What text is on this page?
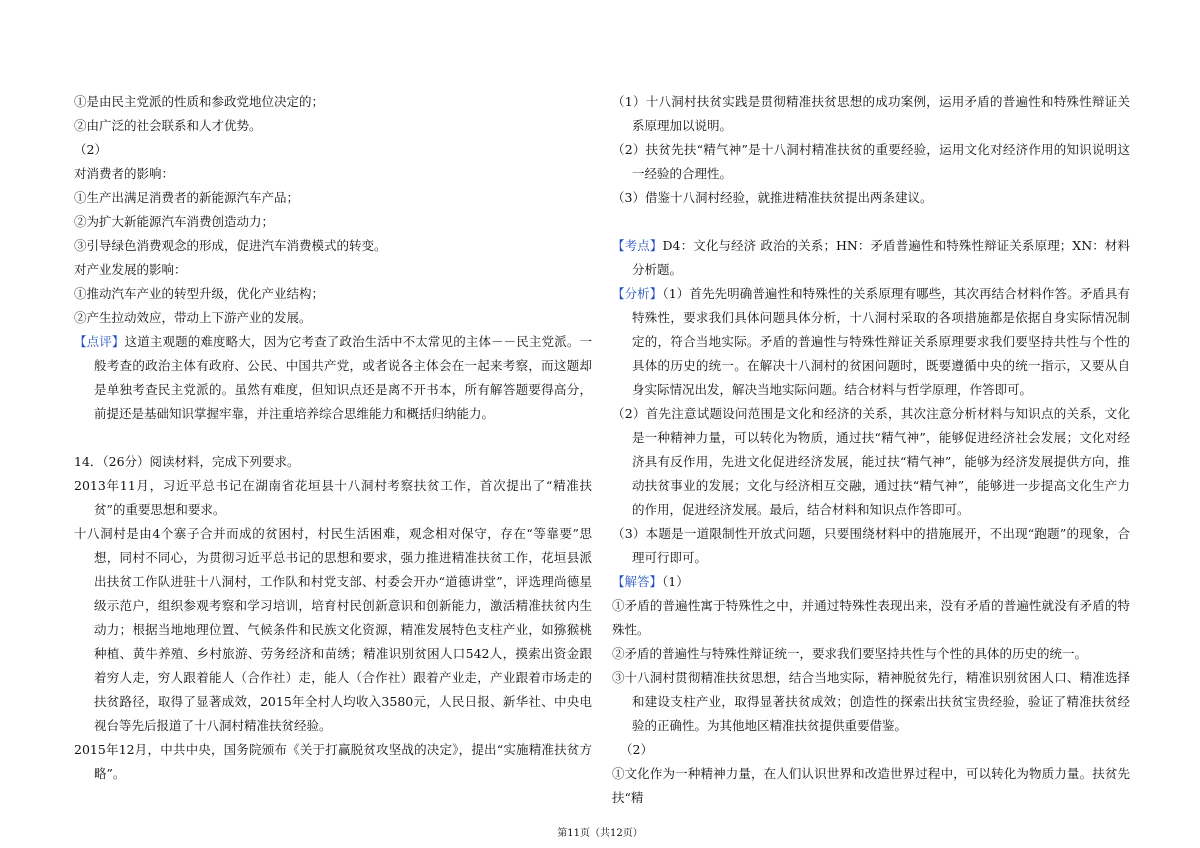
①是由民主党派的性质和参政党地位决定的；

②由广泛的社会联系和人才优势。

（2）

对消费者的影响：

①生产出满足消费者的新能源汽车产品；

②为扩大新能源汽车消费创造动力；

③引导绿色消费观念的形成，促进汽车消费模式的转变。

对产业发展的影响：

①推动汽车产业的转型升级，优化产业结构；

②产生拉动效应，带动上下游产业的发展。

【点评】这道主观题的难度略大，因为它考查了政治生活中不太常见的主体－－民主党派。一般考查的政治主体有政府、公民、中国共产党，或者说各主体会在一起来考察，而这题却是单独考查民主党派的。虽然有难度，但知识点还是离不开书本，所有解答题要得高分，前提还是基础知识掌握牢靠，并注重培养综合思维能力和概括归纳能力。

14．（26分）阅读材料，完成下列要求。

2013年11月，习近平总书记在湖南省花垣县十八洞村考察扶贫工作，首次提出了“精准扶贫”的重要思想和要求。

十八洞村是由4个寨子合并而成的贫困村，村民生活困难，观念相对保守，存在“等靠要”思想，同村不同心，为贯彻习近平总书记的思想和要求，强力推进精准扶贫工作，花垣县派出扶贫工作队进驻十八洞村，工作队和村党支部、村委会开办“道德讲堂”，评选理尚德星级示范户，组织参观考察和学习培训，培育村民创新意识和创新能力，激活精准扶贫内生动力；根据当地地理位置、气候条件和民族文化资源，精准发展特色支柱产业，如猕猴桃种植、黄牛养殖、乡村旅游、劳务经济和苗绣；精准识别贫困人口542人，摸索出资金跟着穷人走，穷人跟着能人（合作社）走，能人（合作社）跟着产业走，产业跟着市场走的扶贫路径，取得了显著成效，2015年全村人均收入3580元，人民日报、新华社、中央电视台等先后报道了十八洞村精准扶贫经验。

2015年12月，中共中央，国务院颁布《关于打赢脱贫攻坚战的决定》，提出“实施精准扶贫方略”。

（1）十八洞村扶贫实践是贯彻精准扶贫思想的成功案例，运用矛盾的普遍性和特殊性辩证关系原理加以说明。

（2）扶贫先扶“精气神”是十八洞村精准扶贫的重要经验，运用文化对经济作用的知识说明这一经验的合理性。

（3）借鉴十八洞村经验，就推进精准扶贫提出两条建议。

【考点】D4：文化与经济 政治的关系；HN：矛盾普遍性和特殊性辩证关系原理；XN：材料分析题。

【分析】（1）首先先明确普遍性和特殊性的关系原理有哪些，其次再结合材料作答。矛盾具有特殊性，要求我们具体问题具体分析，十八洞村采取的各项措施都是依据自身实际情况制定的，符合当地实际。矛盾的普遍性与特殊性辩证关系原理要求我们要坚持共性与个性的具体的历史的统一。在解决十八洞村的贫困问题时，既要遵循中央的统一指示，又要从自身实际情况出发，解决当地实际问题。结合材料与哲学原理，作答即可。

（2）首先注意试题设问范围是文化和经济的关系，其次注意分析材料与知识点的关系，文化是一种精神力量，可以转化为物质，通过扶“精气神”，能够促进经济社会发展；文化对经济具有反作用，先进文化促进经济发展，能过扶“精气神”，能够为经济发展提供方向，推动扶贫事业的发展；文化与经济相互交融，通过扶“精气神”，能够进一步提高文化生产力的作用，促进经济发展。最后，结合材料和知识点作答即可。

（3）本题是一道限制性开放式问题，只要围绕材料中的措施展开，不出现“跑题”的现象，合理可行即可。

【解答】（1）

①矛盾的普遍性寓于特殊性之中，并通过特殊性表现出来，没有矛盾的普遍性就没有矛盾的特殊性。

②矛盾的普遍性与特殊性辩证统一，要求我们要坚持共性与个性的具体的历史的统一。

③十八洞村贯彻精准扶贫思想，结合当地实际，精神脱贫先行，精准识别贫困人口、精准选择和建设支柱产业，取得显著扶贫成效；创造性的探索出扶贫宝贵经验，验证了精准扶贫经验的正确性。为其他地区精准扶贫提供重要借鉴。

（2）

①文化作为一种精神力量，在人们认识世界和改造世界过程中，可以转化为物质力量。扶贫先扶“精

第11页（共12页）
